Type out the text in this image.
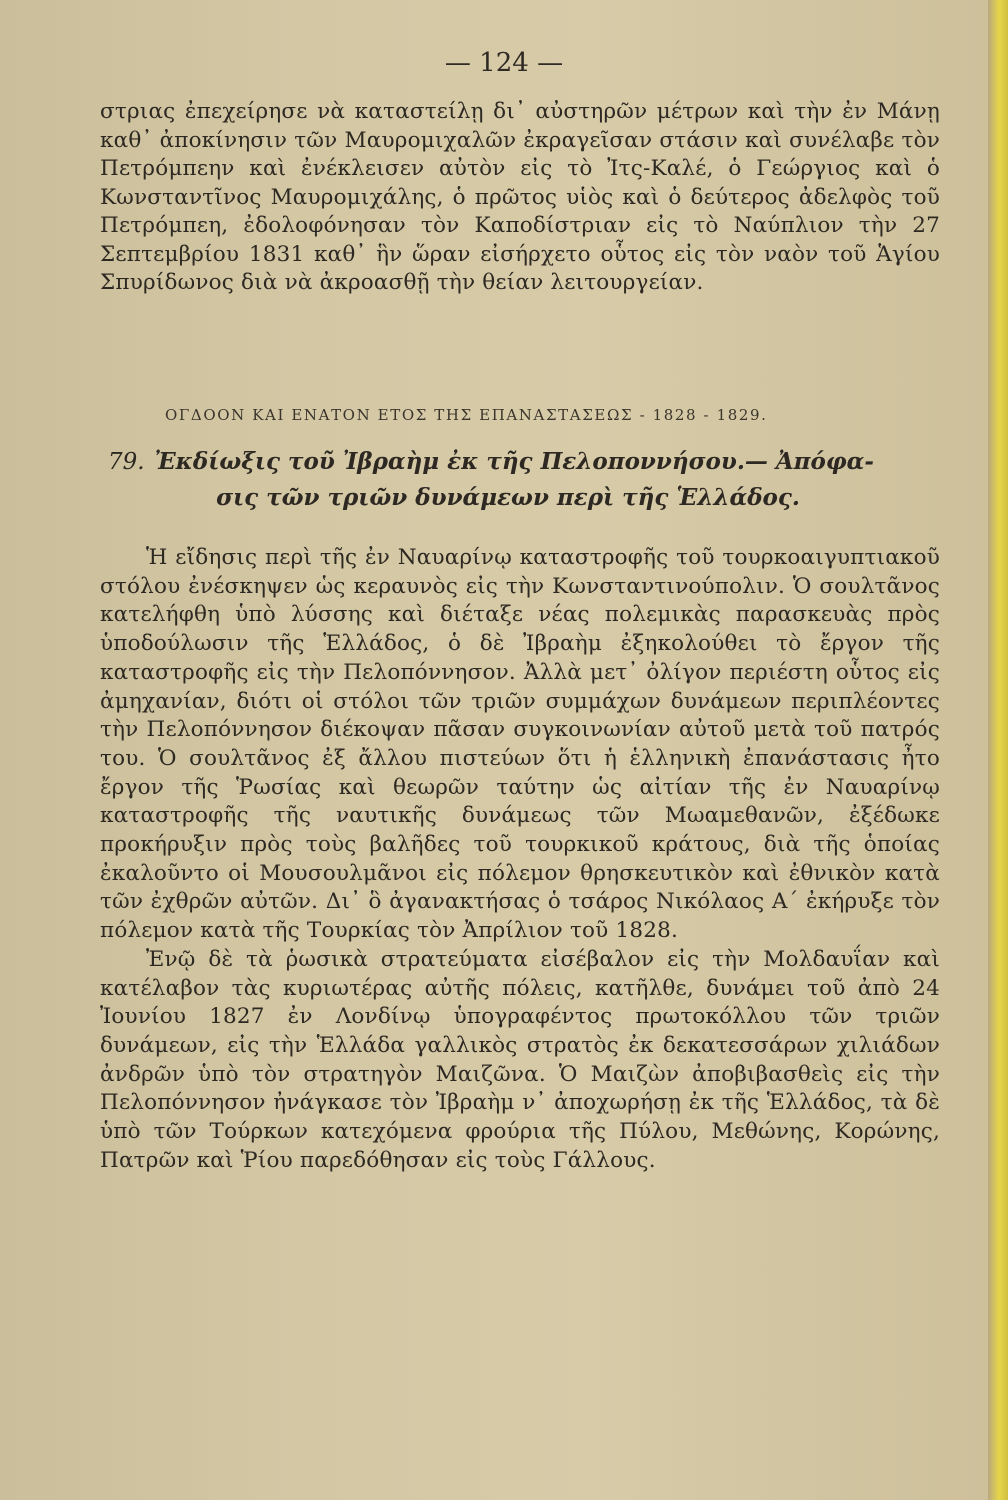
— 124 —
στριας ἐπεχείρησε νὰ καταστείλῃ δι᾽ αὐστηρῶν μέτρων καὶ τὴν ἐν Μάνῃ καθ᾽ ἀποκίνησιν τῶν Μαυρομιχαλῶν ἐκραγεῖσαν στάσιν καὶ συνέλαβε τὸν Πετρόμπεην καὶ ἐνέκλεισεν αὐτὸν εἰς τὸ Ἰτς-Καλέ, ὁ Γεώργιος καὶ ὁ Κωνσταντῖνος Μαυρομιχάλης, ὁ πρῶτος υἱὸς καὶ ὁ δεύτερος ἀδελφὸς τοῦ Πετρόμπεη, ἐδολοφόνησαν τὸν Καποδίστριαν εἰς τὸ Ναύπλιον τὴν 27 Σεπτεμβρίου 1831 καθ᾽ ἣν ὥραν εἰσήρχετο οὗτος εἰς τὸν ναὸν τοῦ Ἁγίου Σπυρίδωνος διὰ νὰ ἀκροασθῇ τὴν θείαν λειτουργείαν.
ΟΓΔΟΟΝ ΚΑΙ ΕΝΑΤΟΝ ΕΤΟΣ ΤΗΣ ΕΠΑΝΑΣΤΑΣΕΩΣ - 1828 - 1829.
79. Ἐκδίωξις τοῦ Ἰβραὴμ ἐκ τῆς Πελοποννήσου.— Ἀπόφα-
σις τῶν τριῶν δυνάμεων περὶ τῆς Ἑλλάδος.

Ἡ εἴδησις περὶ τῆς ἐν Ναυαρίνῳ καταστροφῆς τοῦ τουρκοαιγυπτιακοῦ στόλου ἐνέσκηψεν ὡς κεραυνὸς εἰς τὴν Κωνσταντινούπολιν. Ὁ σουλτᾶνος κατελήφθη ὑπὸ λύσσης καὶ διέταξε νέας πολεμικὰς παρασκευὰς πρὸς ὑποδούλωσιν τῆς Ἑλλάδος, ὁ δὲ Ἰβραὴμ ἐξηκολούθει τὸ ἔργον τῆς καταστροφῆς εἰς τὴν Πελοπόννησον. Ἀλλὰ μετ᾽ ὀλίγον περιέστη οὗτος εἰς ἀμηχανίαν, διότι οἱ στόλοι τῶν τριῶν συμμάχων δυνάμεων περιπλέοντες τὴν Πελοπόννησον διέκοψαν πᾶσαν συγκοινωνίαν αὐτοῦ μετὰ τοῦ πατρός του. Ὁ σουλτᾶνος ἐξ ἄλλου πιστεύων ὅτι ἡ ἑλληνικὴ ἐπανάστασις ἦτο ἔργον τῆς Ῥωσίας καὶ θεωρῶν ταύτην ὡς αἰτίαν τῆς ἐν Ναυαρίνῳ καταστροφῆς τῆς ναυτικῆς δυνάμεως τῶν Μωαμεθανῶν, ἐξέδωκε προκήρυξιν πρὸς τοὺς βαλῆδες τοῦ τουρκικοῦ κράτους, διὰ τῆς ὁποίας ἐκαλοῦντο οἱ Μουσουλμᾶνοι εἰς πόλεμον θρησκευτικὸν καὶ ἐθνικὸν κατὰ τῶν ἐχθρῶν αὐτῶν. Δι᾽ ὃ ἀγανακτήσας ὁ τσάρος Νικόλαος Α΄ ἐκήρυξε τὸν πόλεμον κατὰ τῆς Τουρκίας τὸν Ἀπρίλιον τοῦ 1828.

Ἐνῷ δὲ τὰ ῥωσικὰ στρατεύματα εἰσέβαλον εἰς τὴν Μολδαυΐαν καὶ κατέλαβον τὰς κυριωτέρας αὐτῆς πόλεις, κατῆλθε, δυνάμει τοῦ ἀπὸ 24 Ἰουνίου 1827 ἐν Λονδίνῳ ὑπογραφέντος πρωτοκόλλου τῶν τριῶν δυνάμεων, εἰς τὴν Ἑλλάδα γαλλικὸς στρατὸς ἐκ δεκατεσσάρων χιλιάδων ἀνδρῶν ὑπὸ τὸν στρατηγὸν Μαιζῶνα. Ὁ Μαιζὼν ἀποβιβασθεὶς εἰς τὴν Πελοπόννησον ἠνάγκασε τὸν Ἰβραὴμ ν᾽ ἀποχωρήσῃ ἐκ τῆς Ἑλλάδος, τὰ δὲ ὑπὸ τῶν Τούρκων κατεχόμενα φρούρια τῆς Πύλου, Μεθώνης, Κορώνης, Πατρῶν καὶ Ῥίου παρεδόθησαν εἰς τοὺς Γάλλους.
